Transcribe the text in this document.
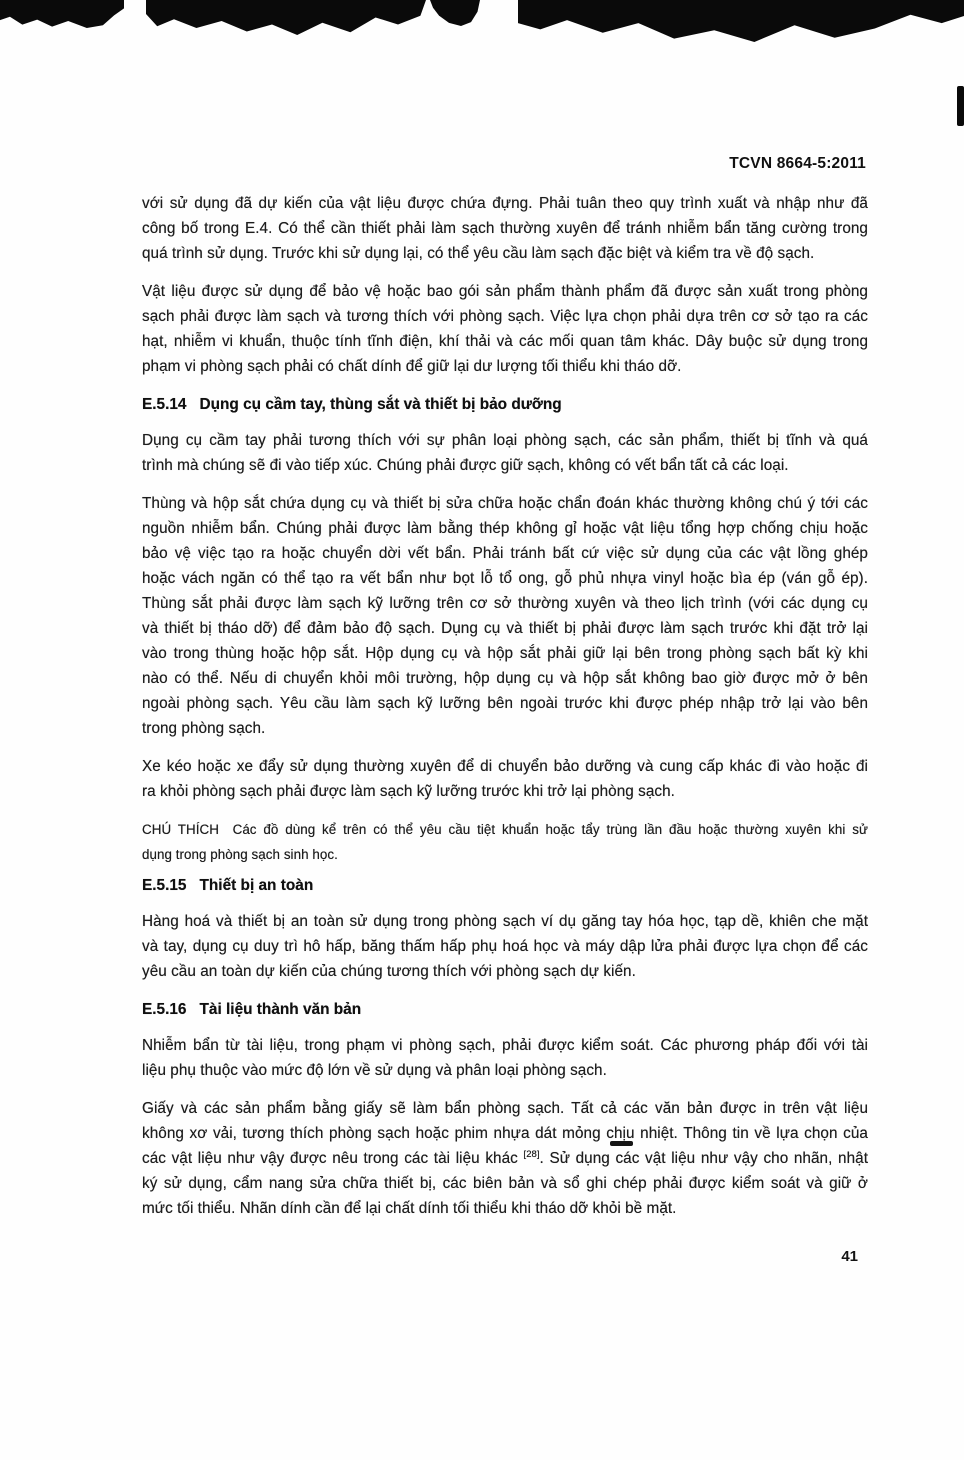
TCVN 8664-5:2011
với sử dụng đã dự kiến của vật liệu được chứa đựng. Phải tuân theo quy trình xuất và nhập như đã
công bố trong E.4. Có thể cần thiết phải làm sạch thường xuyên để tránh nhiễm bẩn tăng cường trong
quá trình sử dụng. Trước khi sử dụng lại, có thể yêu cầu làm sạch đặc biệt và kiểm tra về độ sạch.
Vật liệu được sử dụng để bảo vệ hoặc bao gói sản phẩm thành phẩm đã được sản xuất trong phòng
sạch phải được làm sạch và tương thích với phòng sạch. Việc lựa chọn phải dựa trên cơ sở tạo ra các
hạt, nhiễm vi khuẩn, thuộc tính tĩnh điện, khí thải và các mối quan tâm khác. Dây buộc sử dụng trong
phạm vi phòng sạch phải có chất dính để giữ lại dư lượng tối thiểu khi tháo dỡ.
E.5.14 Dụng cụ cầm tay, thùng sắt và thiết bị bảo dưỡng
Dụng cụ cầm tay phải tương thích với sự phân loại phòng sạch, các sản phẩm, thiết bị tĩnh và quá
trình mà chúng sẽ đi vào tiếp xúc. Chúng phải được giữ sạch, không có vết bẩn tất cả các loại.
Thùng và hộp sắt chứa dụng cụ và thiết bị sửa chữa hoặc chẩn đoán khác thường không chú ý tới các
nguồn nhiễm bẩn. Chúng phải được làm bằng thép không gỉ hoặc vật liệu tổng hợp chống chịu hoặc
bảo vệ việc tạo ra hoặc chuyển dời vết bẩn. Phải tránh bất cứ việc sử dụng của các vật lồng ghép
hoặc vách ngăn có thể tạo ra vết bẩn như bọt lỗ tổ ong, gỗ phủ nhựa vinyl hoặc bìa ép (ván gỗ ép).
Thùng sắt phải được làm sạch kỹ lưỡng trên cơ sở thường xuyên và theo lịch trình (với các dụng cụ
và thiết bị tháo dỡ) để đảm bảo độ sạch. Dụng cụ và thiết bị phải được làm sạch trước khi đặt trở lại
vào trong thùng hoặc hộp sắt. Hộp dụng cụ và hộp sắt phải giữ lại bên trong phòng sạch bất kỳ khi
nào có thể. Nếu di chuyển khỏi môi trường, hộp dụng cụ và hộp sắt không bao giờ được mở ở bên
ngoài phòng sạch. Yêu cầu làm sạch kỹ lưỡng bên ngoài trước khi được phép nhập trở lại vào bên
trong phòng sạch.
Xe kéo hoặc xe đẩy sử dụng thường xuyên để di chuyển bảo dưỡng và cung cấp khác đi vào hoặc đi
ra khỏi phòng sạch phải được làm sạch kỹ lưỡng trước khi trở lại phòng sạch.
CHÚ THÍCH  Các đồ dùng kể trên có thể yêu cầu tiệt khuẩn hoặc tẩy trùng lần đầu hoặc thường xuyên khi sử
dụng trong phòng sạch sinh học.
E.5.15 Thiết bị an toàn
Hàng hoá và thiết bị an toàn sử dụng trong phòng sạch ví dụ găng tay hóa học, tạp dề, khiên che mặt
và tay, dụng cụ duy trì hô hấp, băng thấm hấp phụ hoá học và máy dập lửa phải được lựa chọn để các
yêu cầu an toàn dự kiến của chúng tương thích với phòng sạch dự kiến.
E.5.16 Tài liệu thành văn bản
Nhiễm bẩn từ tài liệu, trong phạm vi phòng sạch, phải được kiểm soát. Các phương pháp đối với tài
liệu phụ thuộc vào mức độ lớn về sử dụng và phân loại phòng sạch.
Giấy và các sản phẩm bằng giấy sẽ làm bẩn phòng sạch. Tất cả các văn bản được in trên vật liệu
không xơ vải, tương thích phòng sạch hoặc phim nhựa dát mỏng chịu nhiệt. Thông tin về lựa chọn của
các vật liệu như vậy được nêu trong các tài liệu khác [28]. Sử dụng các vật liệu như vậy cho nhãn, nhật
ký sử dụng, cẩm nang sửa chữa thiết bị, các biên bản và sổ ghi chép phải được kiểm soát và giữ ở
mức tối thiểu. Nhãn dính cần để lại chất dính tối thiểu khi tháo dỡ khỏi bề mặt.
41
